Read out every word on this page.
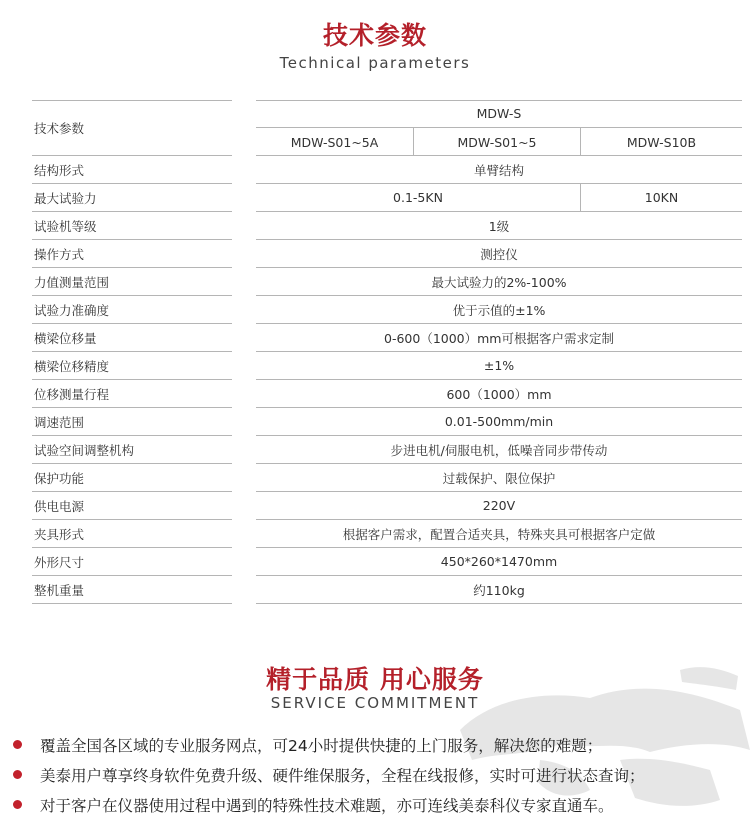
技术参数
Technical parameters
技术参数
MDW-S
MDW-S01~5A	MDW-S01~5	MDW-S10B
结构形式	单臂结构
最大试验力	0.1-5KN	10KN
试验机等级	1级
操作方式	测控仪
力值测量范围	最大试验力的2%-100%
试验力准确度	优于示值的±1%
横梁位移量	0-600（1000）mm可根据客户需求定制
横梁位移精度	±1%
位移测量行程	600（1000）mm
调速范围	0.01-500mm/min
试验空间调整机构	步进电机/伺服电机，低噪音同步带传动
保护功能	过载保护、限位保护
供电电源	220V
夹具形式	根据客户需求，配置合适夹具，特殊夹具可根据客户定做
外形尺寸	450*260*1470mm
整机重量	约110kg
精于品质 用心服务
SERVICE COMMITMENT
覆盖全国各区域的专业服务网点，可24小时提供快捷的上门服务，解决您的难题；
美泰用户尊享终身软件免费升级、硬件维保服务，全程在线报修，实时可进行状态查询；
对于客户在仪器使用过程中遇到的特殊性技术难题，亦可连线美泰科仪专家直通车。
